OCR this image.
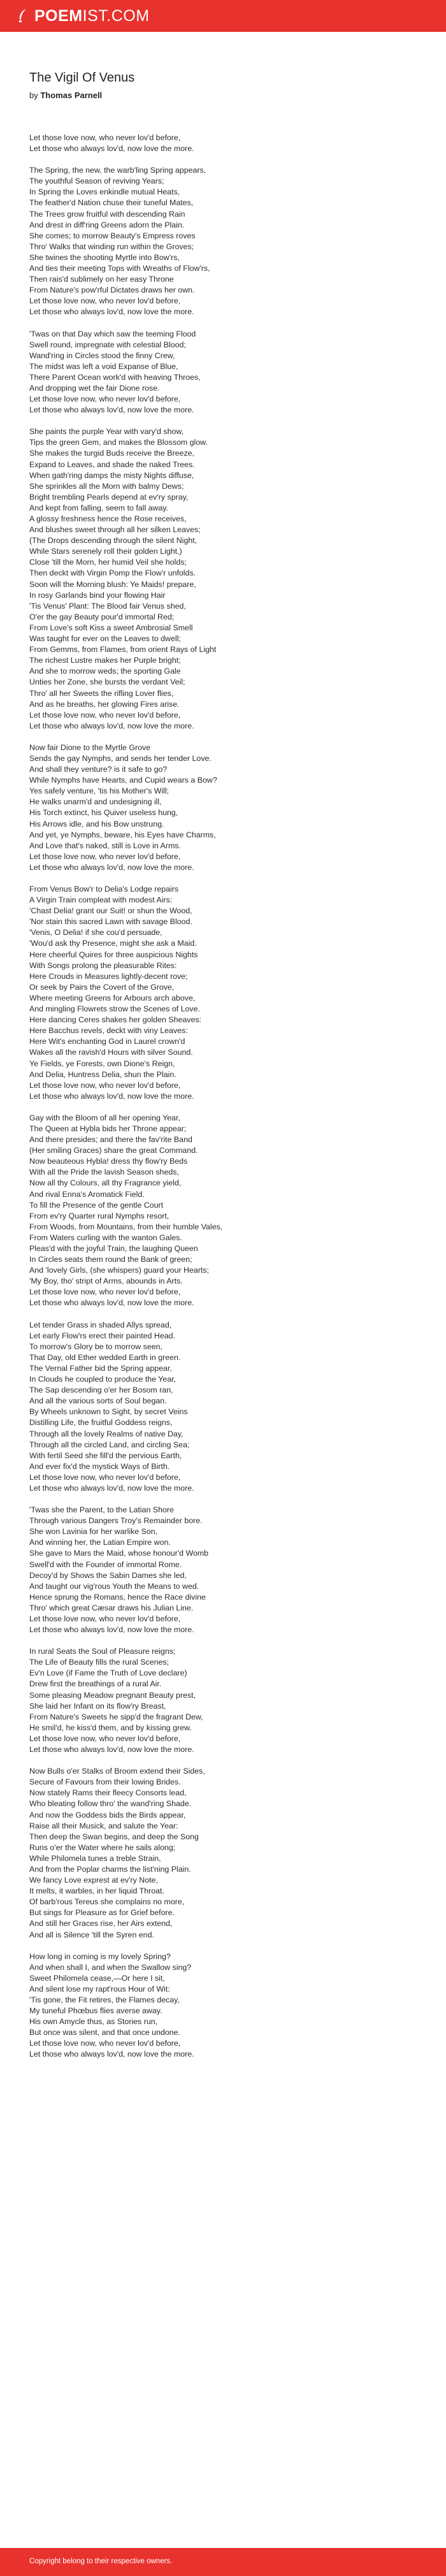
POEMIST.COM
The Vigil Of Venus
by Thomas Parnell
Let those love now, who never lov'd before,
Let those who always lov'd, now love the more.
The Spring, the new, the warb'ling Spring appears,
The youthful Season of reviving Years;
In Spring the Loves enkindle mutual Heats,
The feather'd Nation chuse their tuneful Mates,
The Trees grow fruitful with descending Rain
And drest in diff'ring Greens adorn the Plain.
She comes; to morrow Beauty's Empress roves
Thro' Walks that winding run within the Groves;
She twines the shooting Myrtle into Bow'rs,
And ties their meeting Tops with Wreaths of Flow'rs,
Then rais'd sublimely on her easy Throne
From Nature's pow'rful Dictates draws her own.
Let those love now, who never lov'd before,
Let those who always lov'd, now love the more.
'Twas on that Day which saw the teeming Flood
Swell round, impregnate with celestial Blood;
Wand'ring in Circles stood the finny Crew,
The midst was left a void Expanse of Blue,
There Parent Ocean work'd with heaving Throes,
And dropping wet the fair Dione rose.
Let those love now, who never lov'd before,
Let those who always lov'd, now love the more.
She paints the purple Year with vary'd show,
Tips the green Gem, and makes the Blossom glow.
She makes the turgid Buds receive the Breeze,
Expand to Leaves, and shade the naked Trees.
When gath'ring damps the misty Nights diffuse,
She sprinkles all the Morn with balmy Dews;
Bright trembling Pearls depend at ev'ry spray,
And kept from falling, seem to fall away.
A glossy freshness hence the Rose receives,
And blushes sweet through all her silken Leaves;
(The Drops descending through the silent Night,
While Stars serenely roll their golden Light,)
Close 'till the Morn, her humid Veil she holds;
Then deckt with Virgin Pomp the Flow'r unfolds.
Soon will the Morning blush: Ye Maids! prepare,
In rosy Garlands bind your flowing Hair
'Tis Venus' Plant: The Blood fair Venus shed,
O'er the gay Beauty pour'd immortal Red;
From Love's soft Kiss a sweet Ambrosial Smell
Was taught for ever on the Leaves to dwell;
From Gemms, from Flames, from orient Rays of Light
The richest Lustre makes her Purple bright;
And she to morrow weds; the sporting Gale
Unties her Zone, she bursts the verdant Veil;
Thro' all her Sweets the rifling Lover flies,
And as he breaths, her glowing Fires arise.
Let those love now, who never lov'd before,
Let those who always lov'd, now love the more.
Now fair Dione to the Myrtle Grove
Sends the gay Nymphs, and sends her tender Love.
And shall they venture? is it safe to go?
While Nymphs have Hearts, and Cupid wears a Bow?
Yes safely venture, 'tis his Mother's Will;
He walks unarm'd and undesigning ill,
His Torch extinct, his Quiver useless hung,
His Arrows idle, and his Bow unstrung.
And yet, ye Nymphs, beware, his Eyes have Charms,
And Love that's naked, still is Love in Arms.
Let those love now, who never lov'd before,
Let those who always lov'd, now love the more.
From Venus Bow'r to Delia's Lodge repairs
A Virgin Train compleat with modest Airs:
'Chast Delia! grant our Suit! or shun the Wood,
'Nor stain this sacred Lawn with savage Blood.
'Venis, O Delia! if she cou'd persuade,
'Wou'd ask thy Presence, might she ask a Maid.
Here cheerful Quires for three auspicious Nights
With Songs prolong the pleasurable Rites:
Here Crouds in Measures lightly-decent rove;
Or seek by Pairs the Covert of the Grove,
Where meeting Greens for Arbours arch above,
And mingling Flowrets strow the Scenes of Love.
Here dancing Ceres shakes her golden Sheaves:
Here Bacchus revels, deckt with viny Leaves:
Here Wit's enchanting God in Laurel crown'd
Wakes all the ravish'd Hours with silver Sound.
Ye Fields, ye Forests, own Dione's Reign,
And Delia, Huntress Delia, shun the Plain.
Let those love now, who never lov'd before,
Let those who always lov'd, now love the more.
Gay with the Bloom of all her opening Year,
The Queen at Hybla bids her Throne appear;
And there presides; and there the fav'rite Band
(Her smiling Graces) share the great Command.
Now beauteous Hybla! dress thy flow'ry Beds
With all the Pride the lavish Season sheds,
Now all thy Colours, all thy Fragrance yield,
And rival Enna's Aromatick Field.
To fill the Presence of the gentle Court
From ev'ry Quarter rural Nymphs resort,
From Woods, from Mountains, from their humble Vales,
From Waters curling with the wanton Gales.
Pleas'd with the joyful Train, the laughing Queen
In Circles seats them round the Bank of green;
And 'lovely Girls, (she whispers) guard your Hearts;
'My Boy, tho' stript of Arms, abounds in Arts.
Let those love now, who never lov'd before,
Let those who always lov'd, now love the more.
Let tender Grass in shaded Allys spread,
Let early Flow'rs erect their painted Head.
To morrow's Glory be to morrow seen,
That Day, old Ether wedded Earth in green.
The Vernal Father bid the Spring appear,
In Clouds he coupled to produce the Year,
The Sap descending o'er her Bosom ran,
And all the various sorts of Soul began.
By Wheels unknown to Sight, by secret Veins
Distilling Life, the fruitful Goddess reigns,
Through all the lovely Realms of native Day,
Through all the circled Land, and circling Sea;
With fertil Seed she fill'd the pervious Earth,
And ever fix'd the mystick Ways of Birth.
Let those love now, who never lov'd before,
Let those who always lov'd, now love the more.
'Twas she the Parent, to the Latian Shore
Through various Dangers Troy's Remainder bore.
She won Lavinia for her warlike Son,
And winning her, the Latian Empire won.
She gave to Mars the Maid, whose honour'd Womb
Swell'd with the Founder of immortal Rome.
Decoy'd by Shows the Sabin Dames she led,
And taught our vig'rous Youth the Means to wed.
Hence sprung the Romans, hence the Race divine
Thro' which great Cæsar draws his Julian Line.
Let those love now, who never lov'd before,
Let those who always lov'd, now love the more.
In rural Seats the Soul of Pleasure reigns;
The Life of Beauty fills the rural Scenes;
Ev'n Love (if Fame the Truth of Love declare)
Drew first the breathings of a rural Air.
Some pleasing Meadow pregnant Beauty prest,
She laid her Infant on its flow'ry Breast,
From Nature's Sweets he sipp'd the fragrant Dew,
He smil'd, he kiss'd them, and by kissing grew.
Let those love now, who never lov'd before,
Let those who always lov'd, now love the more.
Now Bulls o'er Stalks of Broom extend their Sides,
Secure of Favours from their lowing Brides.
Now stately Rams their fleecy Consorts lead,
Who bleating follow thro' the wand'ring Shade.
And now the Goddess bids the Birds appear,
Raise all their Musick, and salute the Year:
Then deep the Swan begins, and deep the Song
Runs o'er the Water where he sails along;
While Philomela tunes a treble Strain,
And from the Poplar charms the list'ning Plain.
We fancy Love exprest at ev'ry Note,
It melts, it warbles, in her liquid Throat.
Of barb'rous Tereus she complains no more,
But sings for Pleasure as for Grief before.
And still her Graces rise, her Airs extend,
And all is Silence 'till the Syren end.
How long in coming is my lovely Spring?
And when shall I, and when the Swallow sing?
Sweet Philomela cease,—Or here I sit,
And silent lose my rapt'rous Hour of Wit:
'Tis gone, the Fit retires, the Flames decay,
My tuneful Phœbus flies averse away.
His own Amycle thus, as Stories run,
But once was silent, and that once undone.
Let those love now, who never lov'd before,
Let those who always lov'd, now love the more.
Copyright belong to their respective owners.
